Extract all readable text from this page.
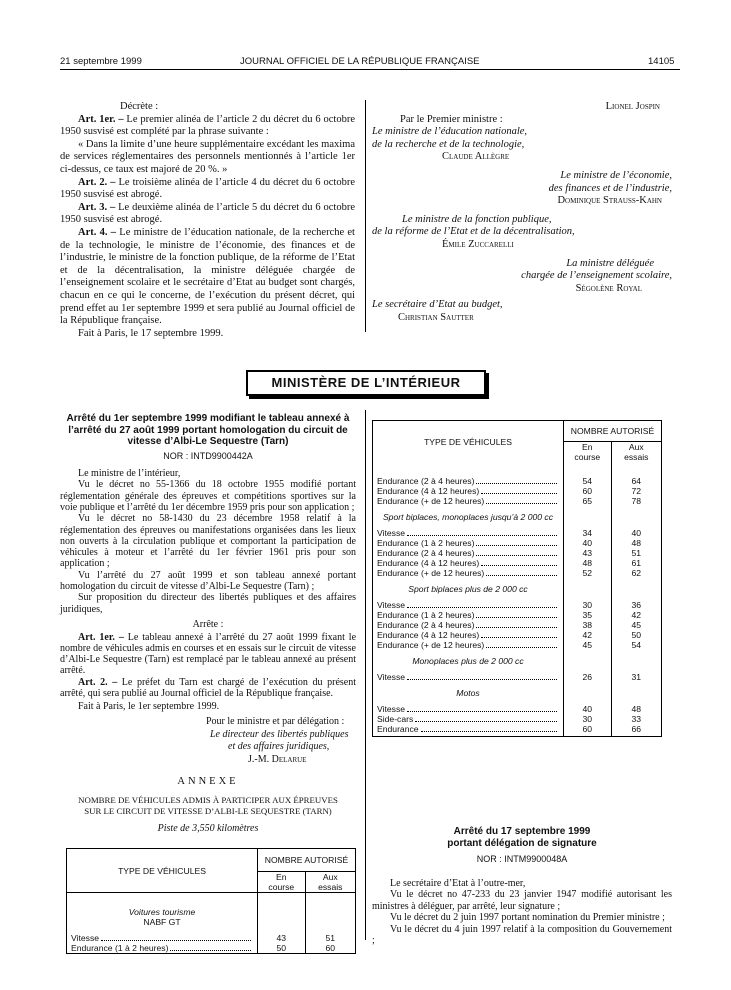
21 septembre 1999	JOURNAL OFFICIEL DE LA RÉPUBLIQUE FRANÇAISE	14105

Décrète :

Art. 1er. – Le premier alinéa de l’article 2 du décret du 6 octobre 1950 susvisé est complété par la phrase suivante :

« Dans la limite d’une heure supplémentaire excédant les maxima de services réglementaires des personnels mentionnés à l’article 1er ci-dessus, ce taux est majoré de 20 %. »

Art. 2. – Le troisième alinéa de l’article 4 du décret du 6 octobre 1950 susvisé est abrogé.

Art. 3. – Le deuxième alinéa de l’article 5 du décret du 6 octobre 1950 susvisé est abrogé.

Art. 4. – Le ministre de l’éducation nationale, de la recherche et de la technologie, le ministre de l’économie, des finances et de l’industrie, le ministre de la fonction publique, de la réforme de l’Etat et de la décentralisation, la ministre déléguée chargée de l’enseignement scolaire et le secrétaire d’Etat au budget sont chargés, chacun en ce qui le concerne, de l’exécution du présent décret, qui prend effet au 1er septembre 1999 et sera publié au Journal officiel de la République française.

Fait à Paris, le 17 septembre 1999.

Lionel Jospin

Par le Premier ministre :

Le ministre de l’éducation nationale,

de la recherche et de la technologie,

Claude Allègre

Le ministre de l’économie,

des finances et de l’industrie,

Dominique Strauss-Kahn

Le ministre de la fonction publique,

de la réforme de l’Etat et de la décentralisation,

Émile Zuccarelli

La ministre déléguée

chargée de l’enseignement scolaire,

Ségolène Royal

Le secrétaire d’Etat au budget,

Christian Sautter

MINISTÈRE DE L’INTÉRIEUR

Arrêté du 1er septembre 1999 modifiant le tableau annexé à l’arrêté du 27 août 1999 portant homologation du circuit de vitesse d’Albi-Le Sequestre (Tarn)

NOR : INTD9900442A

Le ministre de l’intérieur,

Vu le décret no 55-1366 du 18 octobre 1955 modifié portant réglementation générale des épreuves et compétitions sportives sur la voie publique et l’arrêté du 1er décembre 1959 pris pour son application ;

Vu le décret no 58-1430 du 23 décembre 1958 relatif à la réglementation des épreuves ou manifestations organisées dans les lieux non ouverts à la circulation publique et comportant la participation de véhicules à moteur et l’arrêté du 1er février 1961 pris pour son application ;

Vu l’arrêté du 27 août 1999 et son tableau annexé portant homologation du circuit de vitesse d’Albi-Le Sequestre (Tarn) ;

Sur proposition du directeur des libertés publiques et des affaires juridiques,

Arrête :

Art. 1er. – Le tableau annexé à l’arrêté du 27 août 1999 fixant le nombre de véhicules admis en courses et en essais sur le circuit de vitesse d’Albi-Le Sequestre (Tarn) est remplacé par le tableau annexé au présent arrêté.

Art. 2. – Le préfet du Tarn est chargé de l’exécution du présent arrêté, qui sera publié au Journal officiel de la République française.

Fait à Paris, le 1er septembre 1999.

Pour le ministre et par délégation :

Le directeur des libertés publiques

et des affaires juridiques,

J.-M. Delarue

ANNEXE

NOMBRE DE VÉHICULES ADMIS À PARTICIPER AUX ÉPREUVES

SUR LE CIRCUIT DE VITESSE D’ALBI-LE SEQUESTRE (TARN)

Piste de 3,550 kilomètres

TYPE DE VÉHICULES	NOMBRE AUTORISÉ	
	En course	Aux essais
Voitures tourisme		
NABF GT		

Vitesse	43	51

Endurance (1 à 2 heures)	50	60
TYPE DE VÉHICULES	NOMBRE AUTORISÉ	
	En course	Aux essais

Endurance (2 à 4 heures)	54	64

Endurance (4 à 12 heures)	60	72

Endurance (+ de 12 heures)	65	78

Sport biplaces, monoplaces jusqu’à 2 000 cc		

Vitesse	34	40

Endurance (1 à 2 heures)	40	48

Endurance (2 à 4 heures)	43	51

Endurance (4 à 12 heures)	48	61

Endurance (+ de 12 heures)	52	62

Sport biplaces plus de 2 000 cc		

Vitesse	30	36

Endurance (1 à 2 heures)	35	42

Endurance (2 à 4 heures)	38	45

Endurance (4 à 12 heures)	42	50

Endurance (+ de 12 heures)	45	54

Monoplaces plus de 2 000 cc		

Vitesse	26	31

Motos		

Vitesse	40	48

Side-cars	30	33

Endurance	60	66

Arrêté du 17 septembre 1999

portant délégation de signature

NOR : INTM9900048A

Le secrétaire d’Etat à l’outre-mer,

Vu le décret no 47-233 du 23 janvier 1947 modifié autorisant les ministres à déléguer, par arrêté, leur signature ;

Vu le décret du 2 juin 1997 portant nomination du Premier ministre ;

Vu le décret du 4 juin 1997 relatif à la composition du Gouvernement ;
